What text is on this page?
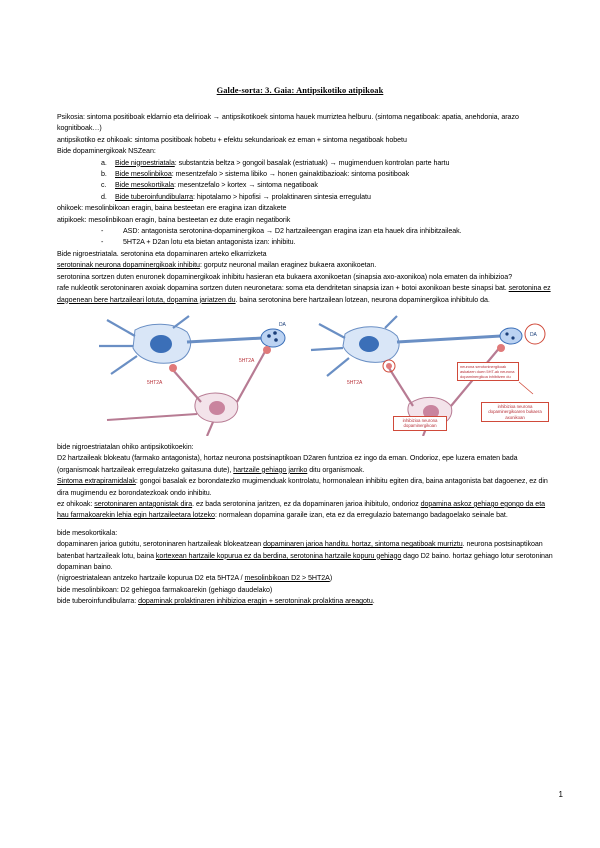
Galde-sorta: 3. Gaia: Antipsikotiko atipikoak

Psikosia: sintoma positiboak eldarnio eta delirioak → antipsikotikoek sintoma hauek murriztea helburu. (sintoma negatiboak: apatia, anehdonia, arazo kognitiboak…)

antipsikotiko ez ohikoak: sintoma positiboak hobetu + efektu sekundarioak ez eman + sintoma negatiboak hobetu

Bide dopaminergikoak NSZean:

a. Bide nigroestriatala: substantzia beltza > gongoil basalak (estriatuak) → mugimenduen kontrolan parte hartu

b. Bide mesolinbikoa: mesentzefalo > sistema libiko → honen gainaktibazioak: sintoma positiboak

c. Bide mesokortikala: mesentzefalo > kortex → sintoma negatiboak

d. Bide tuberoinfundibularra: hipotalamo > hipofisi → prolaktinaren sintesia erregulatu

ohikoek: mesolinbikoan eragin, baina besteetan ere eragina izan ditzakete

atipikoek: mesolinbikoan eragin, baina besteetan ez dute eragin negatiborik

-	ASD: antagonista serotonina-dopaminergikoa → D2 hartzaileengan eragina izan eta hauek dira inhibitzaileak.

-	5HT2A + D2an lotu eta bietan antagonista izan: inhibitu.

Bide nigroestriatala. serotonina eta dopaminaren arteko elkarrizketa

serotoninak neurona dopaminergikoak inhibitu: gorputz neuronal mailan eraginez bukaera axonikoetan.

serotonina sortzen duten enuronek dopaminergikoak inhibitu hasieran eta bukaera axonikoetan (sinapsia axo-axonikoa) nola ematen da inhibizioa?

rafe nukleotik serotoninaren axoiak dopamina sortzen duten neuronetara: soma eta dendritetan sinapsia izan + botoi axonikoan beste sinapsi bat. serotonina ez dagoenean bere hartzaileari lotuta, dopamina jariatzen du. baina serotonina bere hartzailean lotzean, neurona dopaminergikoa inhibitulo da.

DA
5HT2A
5HT2A
DA
5HT2A
neurona serotoninergikoak askatzen duen 5HT-ak neurona dopaminergikoa inhibitzen du
inhibizioa neurona dopaminergikoan
inhibizioa neurona dopaminergikoaren bukaera axonikoan

bide nigroestriatalan ohiko antipsikotikoekin:

D2 hartzaileak blokeatu (farmako antagonista), hortaz neurona postsinaptikoan D2aren funtzioa ez ingo da eman. Ondorioz, epe luzera ematen bada (organismoak hartzaileak erregulatzeko gaitasuna dute), hartzaile gehiago jarriko ditu organismoak.

Sintoma extrapiramidalak: gongoi basalak ez borondatezko mugimenduak kontrolatu, hormonalean inhibitu egiten dira, baina antagonista bat dagoenez, ez din dira mugimendu ez borondatezkoak ondo inhibitu.

ez ohikoak: serotoninaren antagonistak dira. ez bada serotonina jaritzen, ez da dopaminaren jarioa ihibitulo, ondorioz dopamina askoz gehiago egongo da eta hau farmakoarekin lehia egin hartzaileetara lotzeko: normalean dopamina garaile izan, eta ez da erregulazio batemango badagoelako seinale bat.

bide mesokortikala:

dopaminaren jarioa gutxitu, serotoninaren hartzaileak blokeatzean dopaminaren jarioa handitu. hortaz, sintoma negatiboak murriztu. neurona postsinaptikoan batenbat hartzaileak lotu, baina kortexean hartzaile kopurua ez da berdina, serotonina hartzaile kopuru gehiago dago D2 baino. hortaz gehiago lotur serotoninan dopaminan baino.

(nigroestriatalean antzeko hartzaile kopurua D2 eta 5HT2A / mesolinbikoan D2 > 5HT2A)

bide mesolinbikoan: D2 gehiegoa farmakoarekin (gehiago daudelako)

bide tuberoinfundibularra: dopaminak prolaktinaren inhibizioa eragin + serotoninak prolaktina areagotu.

1
